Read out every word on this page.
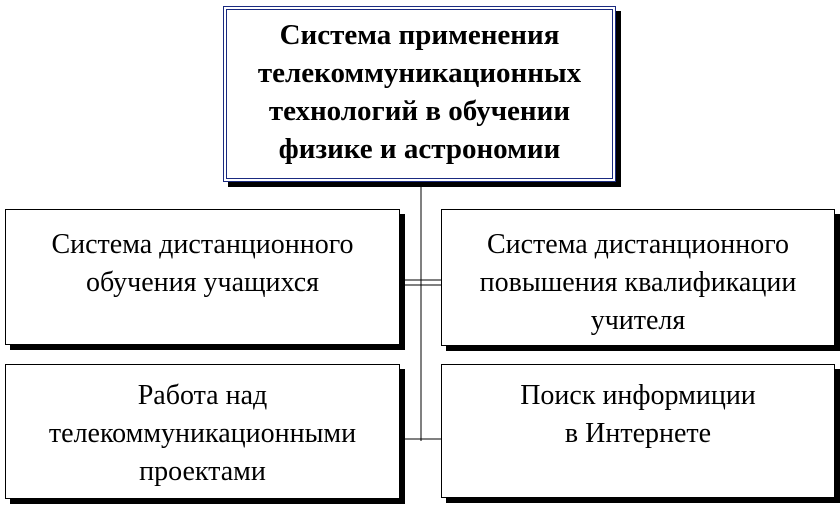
Система применения
телекоммуникационных
технологий в обучении
физике и астрономии
Система дистанционного
обучения учащихся
Система дистанционного
повышения квалификации
учителя
Работа над
телекоммуникационными
проектами
Поиск информиции
в Интернете
